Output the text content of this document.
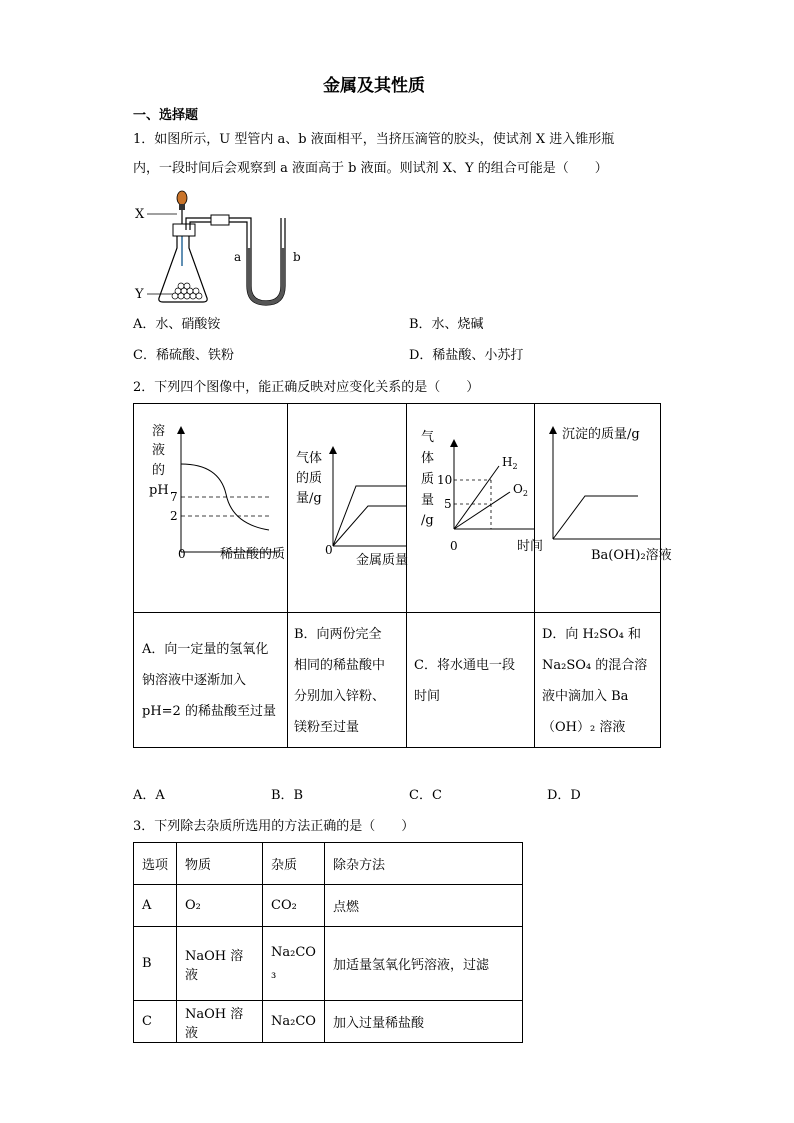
金属及其性质
一、选择题
1．如图所示，U 型管内 a、b 液面相平，当挤压滴管的胶头，使试剂 X 进入锥形瓶
内，一段时间后会观察到 a 液面高于 b 液面。则试剂 X、Y 的组合可能是（　　）
X
Y
a	b
A．水、硝酸铵	B．水、烧碱
C．稀硫酸、铁粉	D．稀盐酸、小苏打
2．下列四个图像中，能正确反映对应变化关系的是（　　）
溶
液
的
pH 7
2
0	稀盐酸的质
气体
的质
量/g
0
金属质量
气
体
质
量
/g
10
5
0	时间
$H_2$
$O_2$
沉淀的质量/g
Ba(OH)₂溶液
A．向一定量的氢氧化
钠溶液中逐渐加入
pH=2 的稀盐酸至过量
B．向两份完全
相同的稀盐酸中
分别加入锌粉、
镁粉至过量
C．将水通电一段
时间
D．向 H₂SO₄ 和
Na₂SO₄ 的混合溶
液中滴加入 Ba
（OH）₂ 溶液
A．A	B．B	C．C	D．D
3．下列除去杂质所选用的方法正确的是（　　）
选项	物质	杂质	除杂方法
A	O₂	CO₂	点燃
B	NaOH 溶液	Na₂CO₃	加适量氢氧化钙溶液，过滤
C	NaOH 溶液	Na₂CO	加入过量稀盐酸
